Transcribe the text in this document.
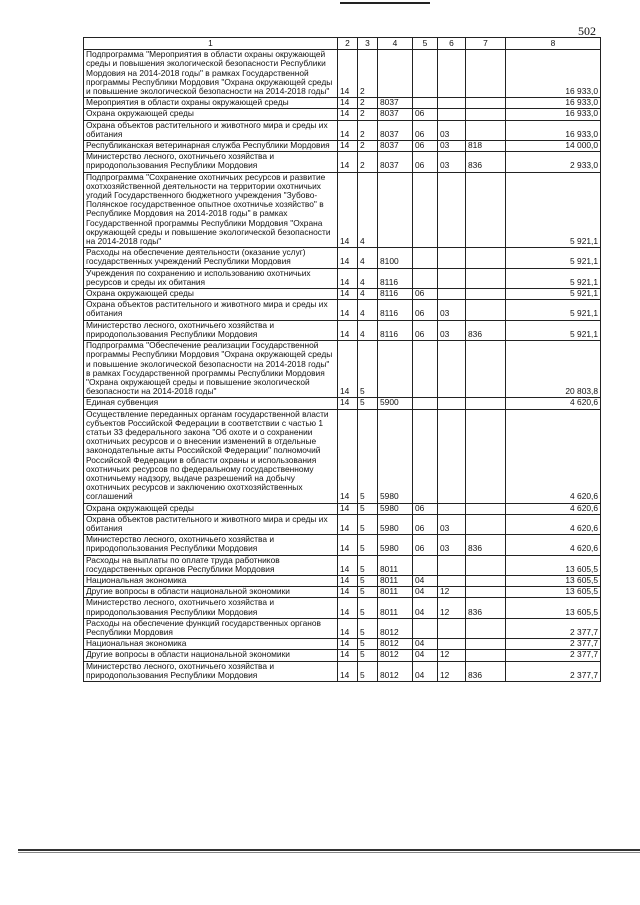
502
1	2	3	4	5	6	7	8
Подпрограмма "Мероприятия в области охраны окружающей среды и повышения экологической безопасности Республики Мордовия на 2014-2018 годы" в рамках Государственной программы Республики Мордовия "Охрана окружающей среды и повышение экологической безопасности на 2014-2018 годы"	14	2					16 933,0
Мероприятия в области охраны окружающей среды	14	2	8037				16 933,0
Охрана окружающей среды	14	2	8037	06			16 933,0
Охрана объектов растительного и животного мира и среды их обитания	14	2	8037	06	03		16 933,0
Республиканская ветеринарная служба Республики Мордовия	14	2	8037	06	03	818	14 000,0
Министерство лесного, охотничьего хозяйства и природопользования Республики Мордовия	14	2	8037	06	03	836	2 933,0
Подпрограмма "Сохранение охотничьих ресурсов и развитие охотхозяйственной деятельности на территории охотничьих угодий Государственного бюджетного учреждения "Зубово-Полянское государственное опытное охотничье хозяйство" в Республике Мордовия на 2014-2018 годы" в рамках Государственной программы Республики Мордовия "Охрана окружающей среды и повышение экологической безопасности на 2014-2018 годы"	14	4					5 921,1
Расходы на обеспечение деятельности (оказание услуг) государственных учреждений Республики Мордовия	14	4	8100				5 921,1
Учреждения по сохранению и использованию охотничьих ресурсов и среды их обитания	14	4	8116				5 921,1
Охрана окружающей среды	14	4	8116	06			5 921,1
Охрана объектов растительного и животного мира и среды их обитания	14	4	8116	06	03		5 921,1
Министерство лесного, охотничьего хозяйства и природопользования Республики Мордовия	14	4	8116	06	03	836	5 921,1
Подпрограмма "Обеспечение реализации Государственной программы Республики Мордовия "Охрана окружающей среды и повышение экологической безопасности на 2014-2018 годы" в рамках Государственной программы Республики Мордовия "Охрана окружающей среды и повышение экологической безопасности на 2014-2018 годы"	14	5					20 803,8
Единая субвенция	14	5	5900				4 620,6
Осуществление переданных органам государственной власти субъектов Российской Федерации в соответствии с частью 1 статьи 33 федерального закона "Об охоте и о сохранении охотничьих ресурсов и о внесении изменений в отдельные законодательные акты Российской Федерации" полномочий Российской Федерации в области охраны и использования охотничьих ресурсов по федеральному государственному охотничьему надзору, выдаче разрешений на добычу охотничьих ресурсов и заключению охотхозяйственных соглашений	14	5	5980				4 620,6
Охрана окружающей среды	14	5	5980	06			4 620,6
Охрана объектов растительного и животного мира и среды их обитания	14	5	5980	06	03		4 620,6
Министерство лесного, охотничьего хозяйства и природопользования Республики Мордовия	14	5	5980	06	03	836	4 620,6
Расходы на выплаты по оплате труда работников государственных органов Республики Мордовия	14	5	8011				13 605,5
Национальная экономика	14	5	8011	04			13 605,5
Другие вопросы в области национальной экономики	14	5	8011	04	12		13 605,5
Министерство лесного, охотничьего хозяйства и природопользования Республики Мордовия	14	5	8011	04	12	836	13 605,5
Расходы на обеспечение функций государственных органов Республики Мордовия	14	5	8012				2 377,7
Национальная экономика	14	5	8012	04			2 377,7
Другие вопросы в области национальной экономики	14	5	8012	04	12		2 377,7
Министерство лесного, охотничьего хозяйства и природопользования Республики Мордовия	14	5	8012	04	12	836	2 377,7
